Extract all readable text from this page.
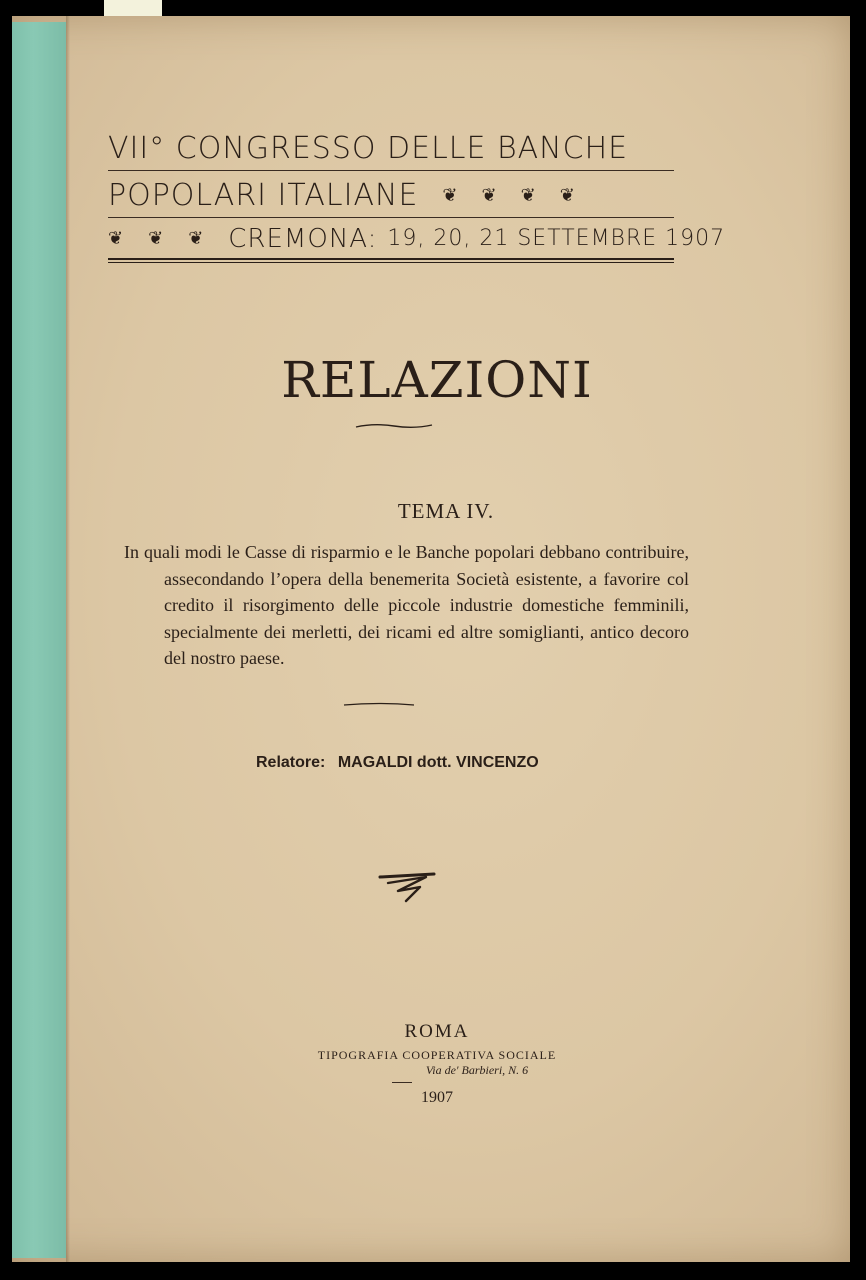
VII° CONGRESSO DELLE BANCHE
POPOLARI ITALIANE ❦ ❦ ❦ ❦
❦ ❦ ❦ CREMONA: 19, 20, 21 SETTEMBRE 1907
RELAZIONI
TEMA IV.
In quali modi le Casse di risparmio e le Banche popolari debbano contribuire, assecondando l’opera della benemerita Società esistente, a favorire col credito il risorgimento delle piccole industrie domestiche femminili, specialmente dei merletti, dei ricami ed altre somiglianti, antico decoro del nostro paese.
Relatore: MAGALDI dott. VINCENZO
ROMA
TIPOGRAFIA COOPERATIVA SOCIALE
Via de' Barbieri, N. 6
1907
